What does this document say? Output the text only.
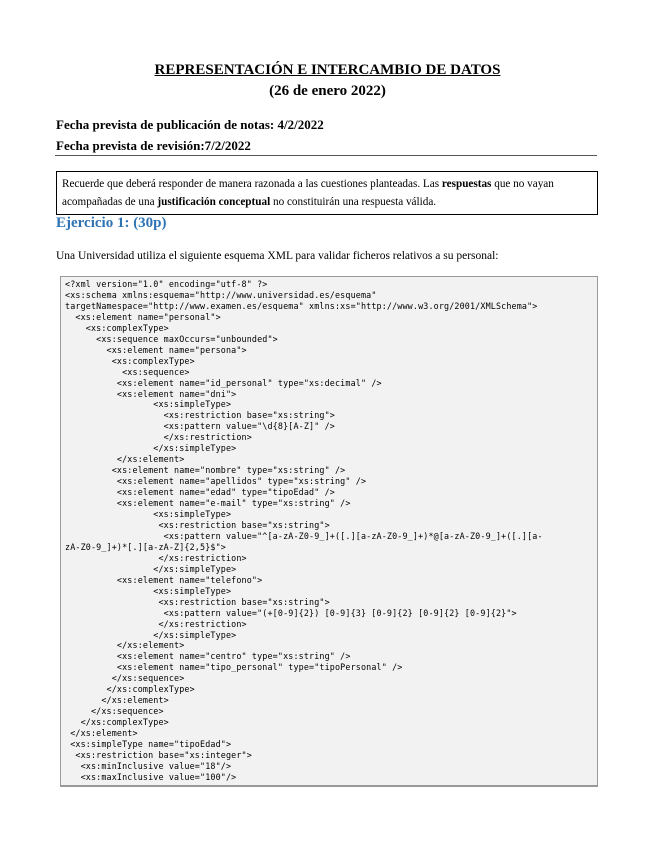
REPRESENTACIÓN E INTERCAMBIO DE DATOS
(26 de enero 2022)
Fecha prevista de publicación de notas: 4/2/2022
Fecha prevista de revisión:7/2/2022
Recuerde que deberá responder de manera razonada a las cuestiones planteadas. Las respuestas que no vayan acompañadas de una justificación conceptual no constituirán una respuesta válida.
Ejercicio 1: (30p)
Una Universidad utiliza el siguiente esquema XML para validar ficheros relativos a su personal:
<?xml version="1.0" encoding="utf-8" ?>
<xs:schema xmlns:esquema="http://www.universidad.es/esquema"
targetNamespace="http://www.examen.es/esquema" xmlns:xs="http://www.w3.org/2001/XMLSchema">
<xs:element name="personal">
<xs:complexType>
<xs:sequence maxOccurs="unbounded">
<xs:element name="persona">
<xs:complexType>
<xs:sequence>
<xs:element name="id_personal" type="xs:decimal" />
<xs:element name="dni">
<xs:simpleType>
<xs:restriction base="xs:string">
<xs:pattern value="\d{8}[A-Z]" />
</xs:restriction>
</xs:simpleType>
</xs:element>
<xs:element name="nombre" type="xs:string" />
<xs:element name="apellidos" type="xs:string" />
<xs:element name="edad" type="tipoEdad" />
<xs:element name="e-mail" type="xs:string" />
<xs:simpleType>
<xs:restriction base="xs:string">
<xs:pattern value="^[a-zA-Z0-9_]+([.][a-zA-Z0-9_]+)*@[a-zA-Z0-9_]+([.][a-
zA-Z0-9_]+)*[.][a-zA-Z]{2,5}$">
</xs:restriction>
</xs:simpleType>
<xs:element name="telefono">
<xs:simpleType>
<xs:restriction base="xs:string">
<xs:pattern value="(+[0-9]{2}) [0-9]{3} [0-9]{2} [0-9]{2} [0-9]{2}">
</xs:restriction>
</xs:simpleType>
</xs:element>
<xs:element name="centro" type="xs:string" />
<xs:element name="tipo_personal" type="tipoPersonal" />
</xs:sequence>
</xs:complexType>
</xs:element>
</xs:sequence>
</xs:complexType>
</xs:element>
<xs:simpleType name="tipoEdad">
<xs:restriction base="xs:integer">
<xs:minInclusive value="18"/>
<xs:maxInclusive value="100"/>
